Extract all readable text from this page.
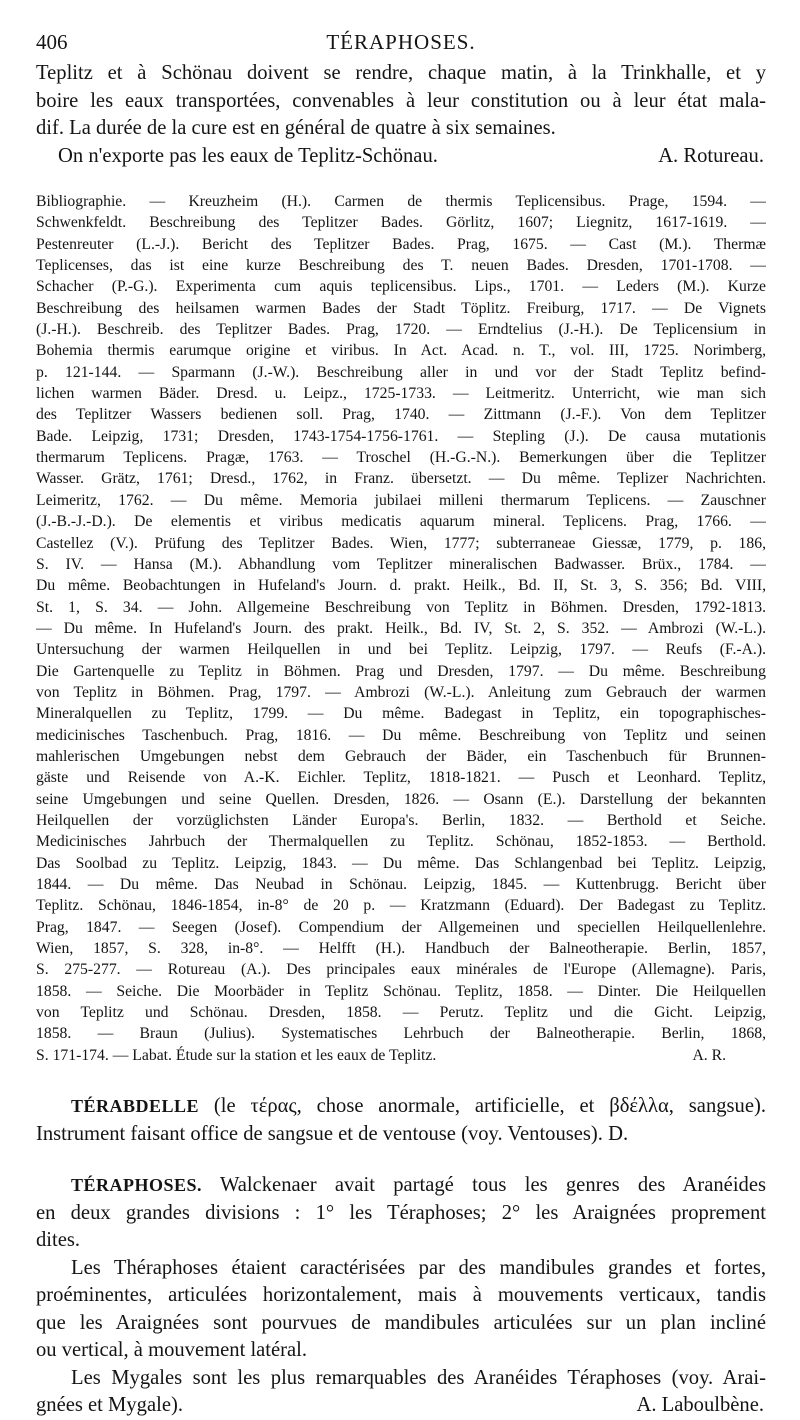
406	TÉRAPHOSES.
Teplitz et à Schönau doivent se rendre, chaque matin, à la Trinkhalle, et y
boire les eaux transportées, convenables à leur constitution ou à leur état mala-
dif. La durée de la cure est en général de quatre à six semaines.
On n'exporte pas les eaux de Teplitz-Schönau.	A. Rotureau.
Bibliographie. — Kreuzheim (H.). Carmen de thermis Teplicensibus. Prage, 1594. —
Schwenkfeldt. Beschreibung des Teplitzer Bades. Görlitz, 1607; Liegnitz, 1617-1619. —
Pestenreuter (L.-J.). Bericht des Teplitzer Bades. Prag, 1675. — Cast (M.). Thermæ
Teplicenses, das ist eine kurze Beschreibung des T. neuen Bades. Dresden, 1701-1708. —
Schacher (P.-G.). Experimenta cum aquis teplicensibus. Lips., 1701. — Leders (M.). Kurze
Beschreibung des heilsamen warmen Bades der Stadt Töplitz. Freiburg, 1717. — De Vignets
(J.-H.). Beschreib. des Teplitzer Bades. Prag, 1720. — Erndtelius (J.-H.). De Teplicensium in
Bohemia thermis earumque origine et viribus. In Act. Acad. n. T., vol. III, 1725. Norimberg,
p. 121-144. — Sparmann (J.-W.). Beschreibung aller in und vor der Stadt Teplitz befind-
lichen warmen Bäder. Dresd. u. Leipz., 1725-1733. — Leitmeritz. Unterricht, wie man sich
des Teplitzer Wassers bedienen soll. Prag, 1740. — Zittmann (J.-F.). Von dem Teplitzer
Bade. Leipzig, 1731; Dresden, 1743-1754-1756-1761. — Stepling (J.). De causa mutationis
thermarum Teplicens. Pragæ, 1763. — Troschel (H.-G.-N.). Bemerkungen über die Teplitzer
Wasser. Grätz, 1761; Dresd., 1762, in Franz. übersetzt. — Du même. Teplizer Nachrichten.
Leimeritz, 1762. — Du même. Memoria jubilaei milleni thermarum Teplicens. — Zauschner
(J.-B.-J.-D.). De elementis et viribus medicatis aquarum mineral. Teplicens. Prag, 1766. —
Castellez (V.). Prüfung des Teplitzer Bades. Wien, 1777; subterraneae Giessæ, 1779, p. 186,
S. IV. — Hansa (M.). Abhandlung vom Teplitzer mineralischen Badwasser. Brüx., 1784. —
Du même. Beobachtungen in Hufeland's Journ. d. prakt. Heilk., Bd. II, St. 3, S. 356; Bd. VIII,
St. 1, S. 34. — John. Allgemeine Beschreibung von Teplitz in Böhmen. Dresden, 1792-1813.
— Du même. In Hufeland's Journ. des prakt. Heilk., Bd. IV, St. 2, S. 352. — Ambrozi (W.-L.).
Untersuchung der warmen Heilquellen in und bei Teplitz. Leipzig, 1797. — Reufs (F.-A.).
Die Gartenquelle zu Teplitz in Böhmen. Prag und Dresden, 1797. — Du même. Beschreibung
von Teplitz in Böhmen. Prag, 1797. — Ambrozi (W.-L.). Anleitung zum Gebrauch der warmen
Mineralquellen zu Teplitz, 1799. — Du même. Badegast in Teplitz, ein topographisches-
medicinisches Taschenbuch. Prag, 1816. — Du même. Beschreibung von Teplitz und seinen
mahlerischen Umgebungen nebst dem Gebrauch der Bäder, ein Taschenbuch für Brunnen-
gäste und Reisende von A.-K. Eichler. Teplitz, 1818-1821. — Pusch et Leonhard. Teplitz,
seine Umgebungen und seine Quellen. Dresden, 1826. — Osann (E.). Darstellung der bekannten
Heilquellen der vorzüglichsten Länder Europa's. Berlin, 1832. — Berthold et Seiche.
Medicinisches Jahrbuch der Thermalquellen zu Teplitz. Schönau, 1852-1853. — Berthold.
Das Soolbad zu Teplitz. Leipzig, 1843. — Du même. Das Schlangenbad bei Teplitz. Leipzig,
1844. — Du même. Das Neubad in Schönau. Leipzig, 1845. — Kuttenbrugg. Bericht über
Teplitz. Schönau, 1846-1854, in-8° de 20 p. — Kratzmann (Eduard). Der Badegast zu Teplitz.
Prag, 1847. — Seegen (Josef). Compendium der Allgemeinen und speciellen Heilquellenlehre.
Wien, 1857, S. 328, in-8°. — Helfft (H.). Handbuch der Balneotherapie. Berlin, 1857,
S. 275-277. — Rotureau (A.). Des principales eaux minérales de l'Europe (Allemagne). Paris,
1858. — Seiche. Die Moorbäder in Teplitz Schönau. Teplitz, 1858. — Dinter. Die Heilquellen
von Teplitz und Schönau. Dresden, 1858. — Perutz. Teplitz und die Gicht. Leipzig,
1858. — Braun (Julius). Systematisches Lehrbuch der Balneotherapie. Berlin, 1868,
A. R.
S. 171-174. — Labat. Étude sur la station et les eaux de Teplitz.
TÉRABDELLE (le τέρας, chose anormale, artificielle, et βδέλλα, sangsue).
Instrument faisant office de sangsue et de ventouse (voy. Ventouses). D.
TÉRAPHOSES. Walckenaer avait partagé tous les genres des Aranéides
en deux grandes divisions : 1° les Téraphoses; 2° les Araignées proprement
dites.
Les Théraphoses étaient caractérisées par des mandibules grandes et fortes,
proéminentes, articulées horizontalement, mais à mouvements verticaux, tandis
que les Araignées sont pourvues de mandibules articulées sur un plan incliné
ou vertical, à mouvement latéral.
Les Mygales sont les plus remarquables des Aranéides Téraphoses (voy. Arai-
gnées et Mygale).	A. Laboulbène.
